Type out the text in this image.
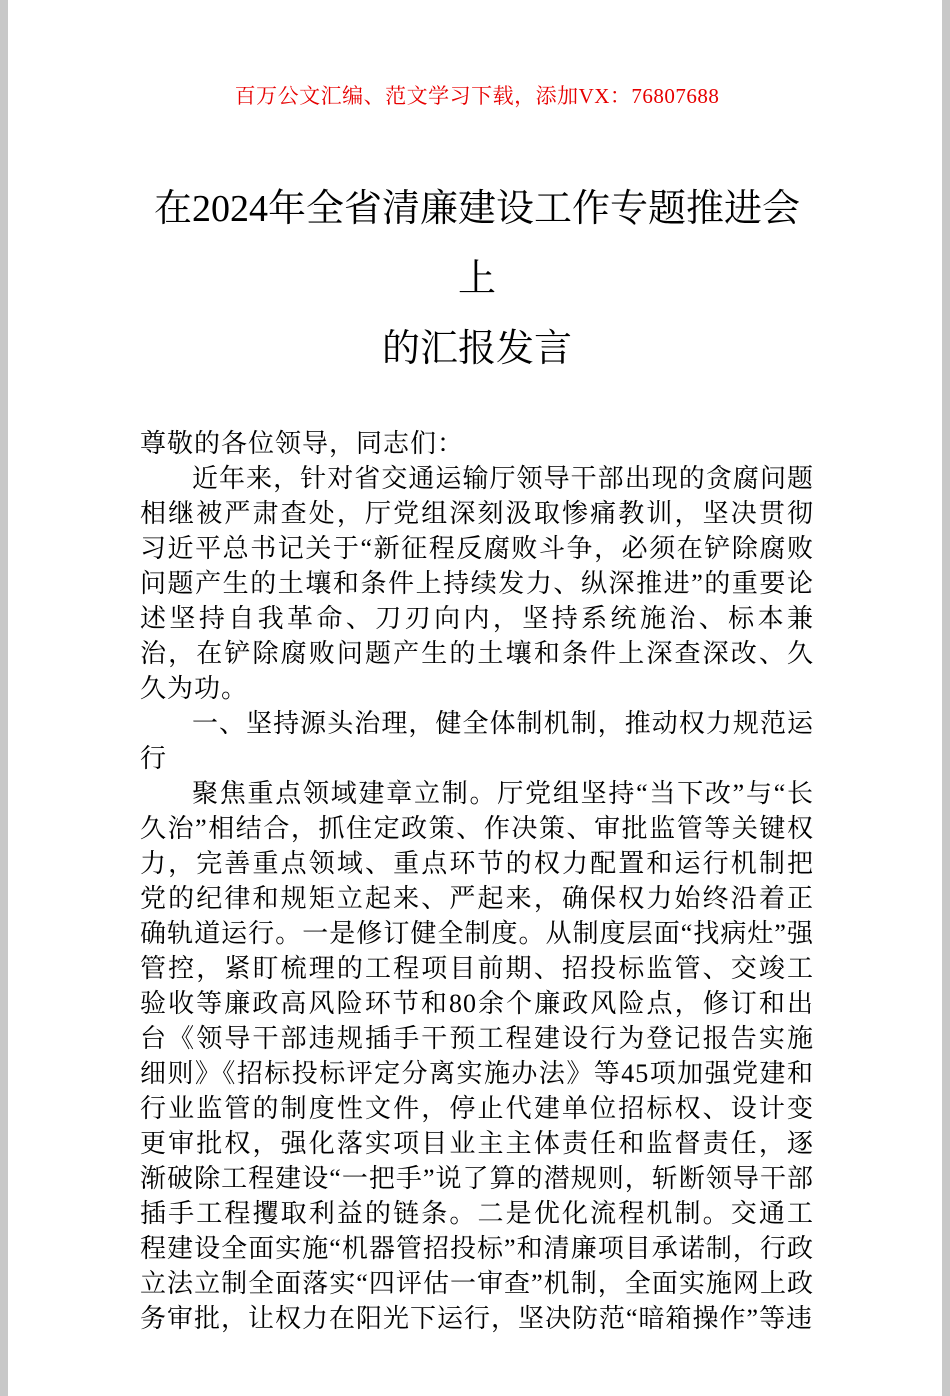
百万公文汇编、范文学习下载，添加VX：76807688
在2024年全省清廉建设工作专题推进会上
的汇报发言

尊敬的各位领导，同志们：

近年来，针对省交通运输厅领导干部出现的贪腐问题相继被严肃查处，厅党组深刻汲取惨痛教训，坚决贯彻习近平总书记关于“新征程反腐败斗争，必须在铲除腐败问题产生的土壤和条件上持续发力、纵深推进”的重要论述坚持自我革命、刀刃向内，坚持系统施治、标本兼治，在铲除腐败问题产生的土壤和条件上深查深改、久久为功。

一、坚持源头治理，健全体制机制，推动权力规范运行

聚焦重点领域建章立制。厅党组坚持“当下改”与“长久治”相结合，抓住定政策、作决策、审批监管等关键权力，完善重点领域、重点环节的权力配置和运行机制把党的纪律和规矩立起来、严起来，确保权力始终沿着正确轨道运行。一是修订健全制度。从制度层面“找病灶”强管控，紧盯梳理的工程项目前期、招投标监管、交竣工验收等廉政高风险环节和80余个廉政风险点，修订和出台《领导干部违规插手干预工程建设行为登记报告实施细则》《招标投标评定分离实施办法》等45项加强党建和行业监管的制度性文件，停止代建单位招标权、设计变更审批权，强化落实项目业主主体责任和监督责任，逐渐破除工程建设“一把手”说了算的潜规则，斩断领导干部插手工程攫取利益的链条。二是优化流程机制。交通工程建设全面实施“机器管招投标”和清廉项目承诺制，行政立法立制全面落实“四评估一审查”机制，全面实施网上政务审批，让权力在阳光下运行，坚决防范“暗箱操作”等违
